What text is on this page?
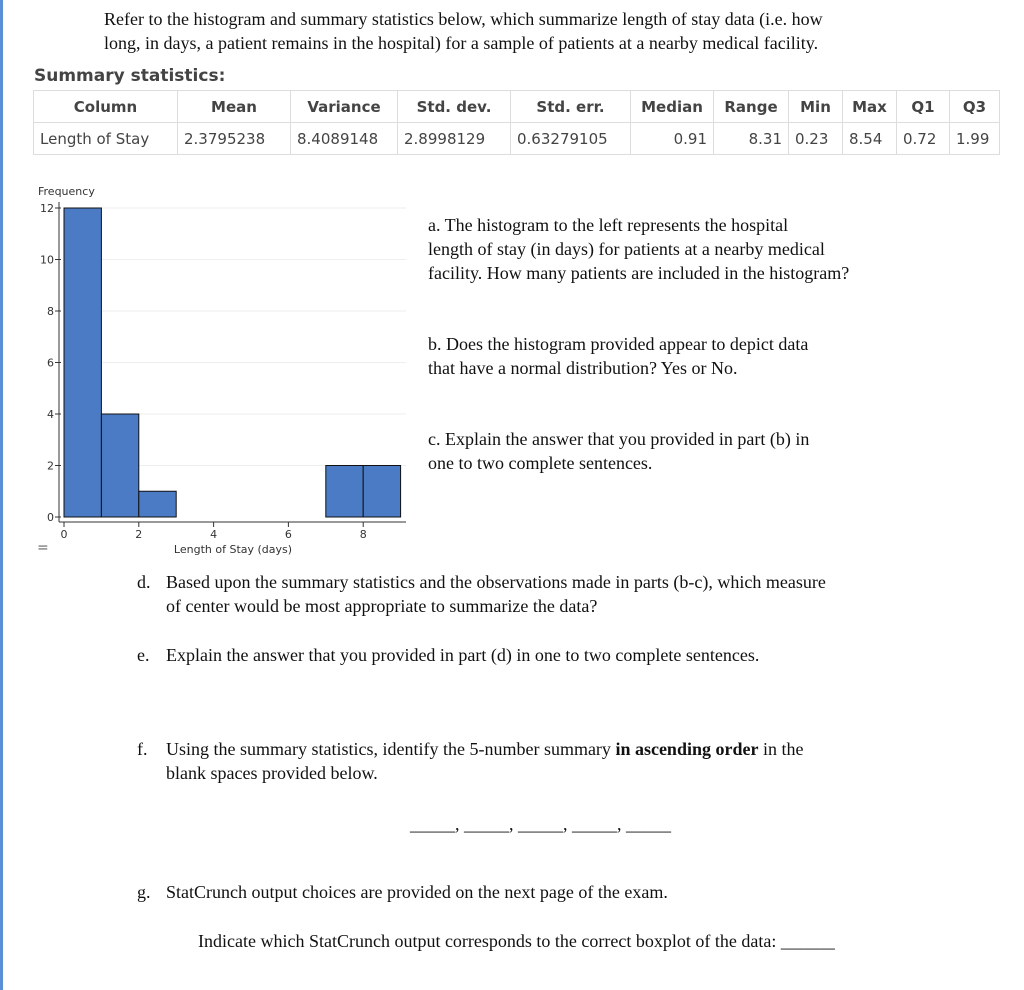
Refer to the histogram and summary statistics below, which summarize length of stay data (i.e. how
long, in days, a patient remains in the hospital) for a sample of patients at a nearby medical facility.
Summary statistics:
Column	Mean	Variance	Std. dev.	Std. err.	Median	Range	Min	Max	Q1	Q3
Length of Stay	2.3795238	8.4089148	2.8998129	0.63279105	0.91	8.31	0.23	8.54	0.72	1.99
0
2
4
6
8
10
12
0	2	4	6	8
Frequency
Length of Stay (days)
=
a. The histogram to the left represents the hospital
length of stay (in days) for patients at a nearby medical
facility. How many patients are included in the histogram?
b. Does the histogram provided appear to depict data
that have a normal distribution? Yes or No.
c. Explain the answer that you provided in part (b) in
one to two complete sentences.
d. Based upon the summary statistics and the observations made in parts (b-c), which measure
of center would be most appropriate to summarize the data?
e. Explain the answer that you provided in part (d) in one to two complete sentences.
f. Using the summary statistics, identify the 5-number summary in ascending order in the
blank spaces provided below.
_____, _____, _____, _____, _____
g. StatCrunch output choices are provided on the next page of the exam.
Indicate which StatCrunch output corresponds to the correct boxplot of the data: ______
